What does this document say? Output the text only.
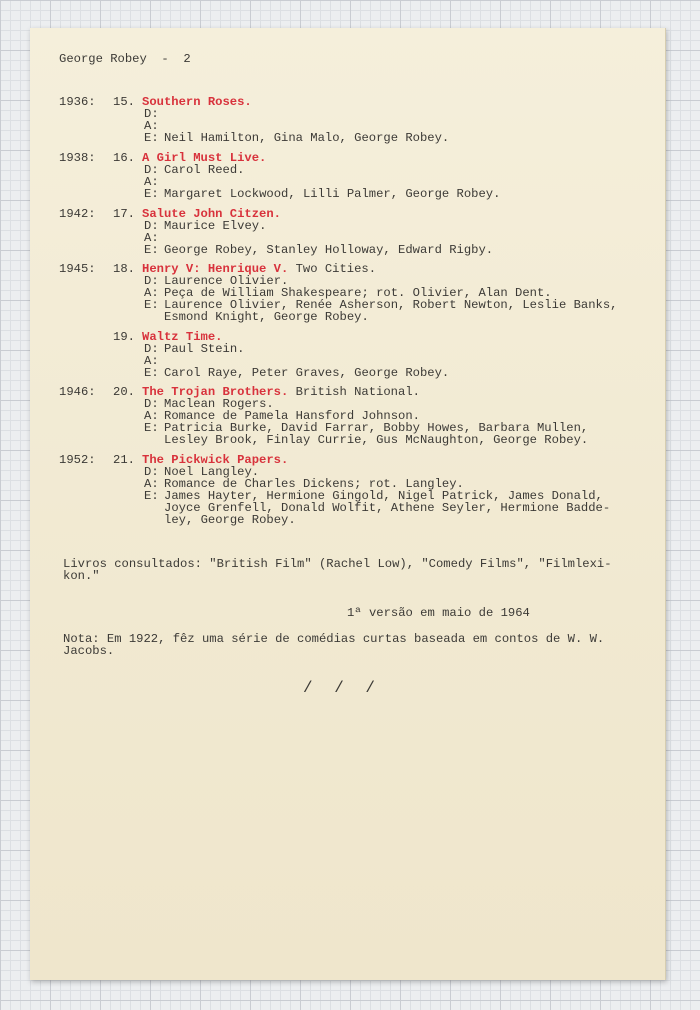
George Robey  -  2
1936: 15. Southern Roses.
D:
A:
E: Neil Hamilton, Gina Malo, George Robey.
1938: 16. A Girl Must Live.
D: Carol Reed.
A:
E: Margaret Lockwood, Lilli Palmer, George Robey.
1942: 17. Salute John Citzen.
D: Maurice Elvey.
A:
E: George Robey, Stanley Holloway, Edward Rigby.
1945: 18. Henry V: Henrique V. Two Cities.
D: Laurence Olivier.
A: Peça de William Shakespeare; rot. Olivier, Alan Dent.
E: Laurence Olivier, Renée Asherson, Robert Newton, Leslie Banks,
Esmond Knight, George Robey.
19. Waltz Time.
D: Paul Stein.
A:
E: Carol Raye, Peter Graves, George Robey.
1946: 20. The Trojan Brothers. British National.
D: Maclean Rogers.
A: Romance de Pamela Hansford Johnson.
E: Patricia Burke, David Farrar, Bobby Howes, Barbara Mullen,
Lesley Brook, Finlay Currie, Gus McNaughton, George Robey.
1952: 21. The Pickwick Papers.
D: Noel Langley.
A: Romance de Charles Dickens; rot. Langley.
E: James Hayter, Hermione Gingold, Nigel Patrick, James Donald,
Joyce Grenfell, Donald Wolfit, Athene Seyler, Hermione Badde-
ley, George Robey.
Livros consultados: "British Film" (Rachel Low), "Comedy Films", "Filmlexi-
kon."
1ª versão em maio de 1964
Nota: Em 1922, fêz uma série de comédias curtas baseada em contos de W. W.
Jacobs.
/ / /
